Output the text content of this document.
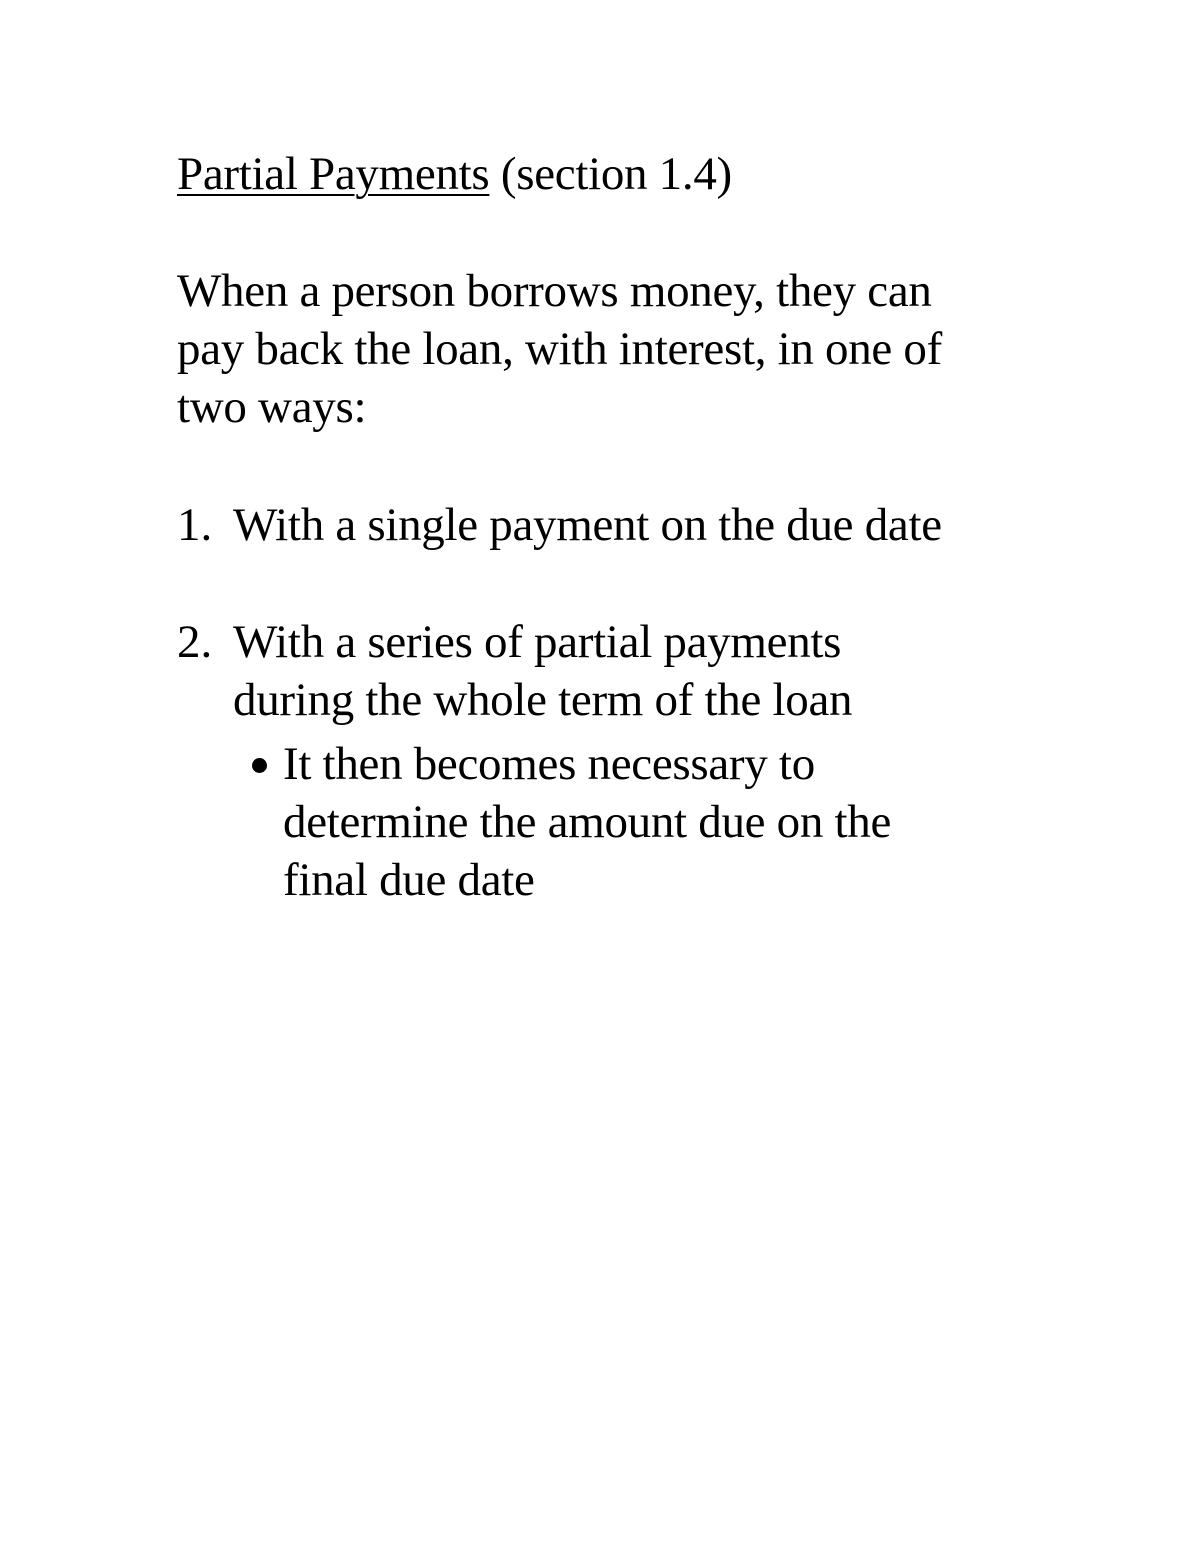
Partial Payments (section 1.4)
When a person borrows money, they can
pay back the loan, with interest, in one of
two ways:
1. With a single payment on the due date
2. With a series of partial payments
during the whole term of the loan
It then becomes necessary to
determine the amount due on the
final due date
